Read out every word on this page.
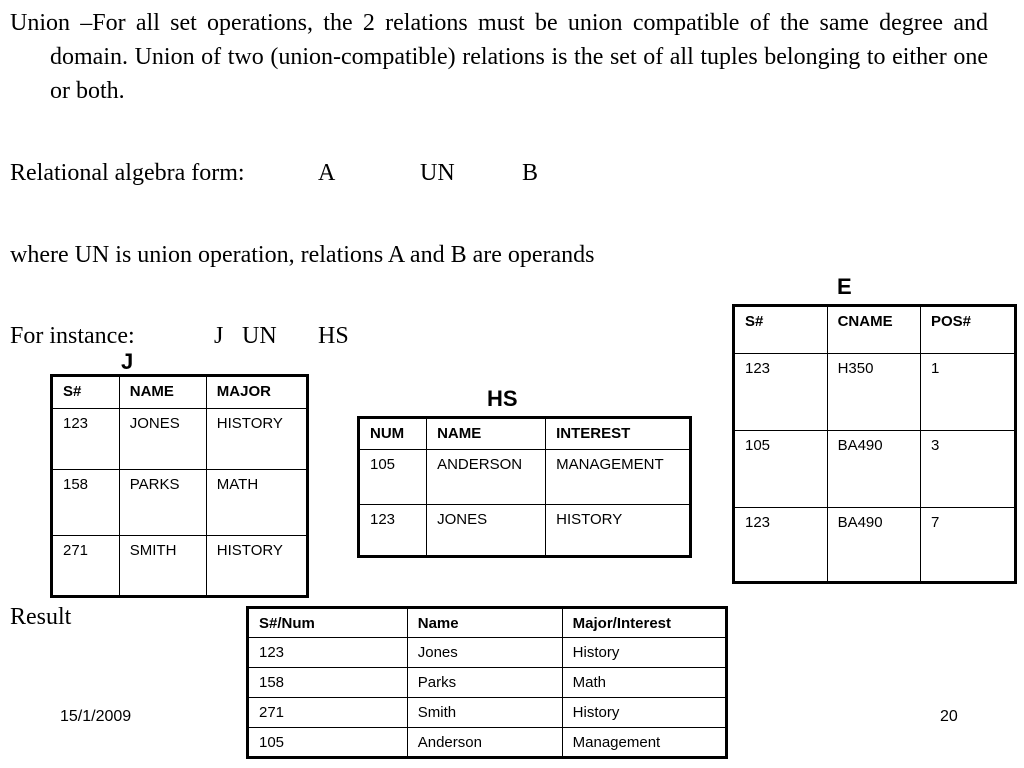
Union –For all set operations, the 2 relations must be union compatible of the same degree and domain. Union of two (union-compatible) relations is the set of all tuples belonging to either one or both.
Relational algebra form:	A	UN	B
where UN is union operation, relations A and B are operands
For instance:	J UN HS
Result
J
S#	NAME	MAJOR
123	JONES	HISTORY
158	PARKS	MATH
271	SMITH	HISTORY
HS
NUM	NAME	INTEREST
105	ANDERSON	MANAGEMENT
123	JONES	HISTORY
E
S#	CNAME	POS#
123	H350	1
105	BA490	3
123	BA490	7
S#/Num	Name	Major/Interest
123	Jones	History
158	Parks	Math
271	Smith	History
105	Anderson	Management
15/1/2009	20
